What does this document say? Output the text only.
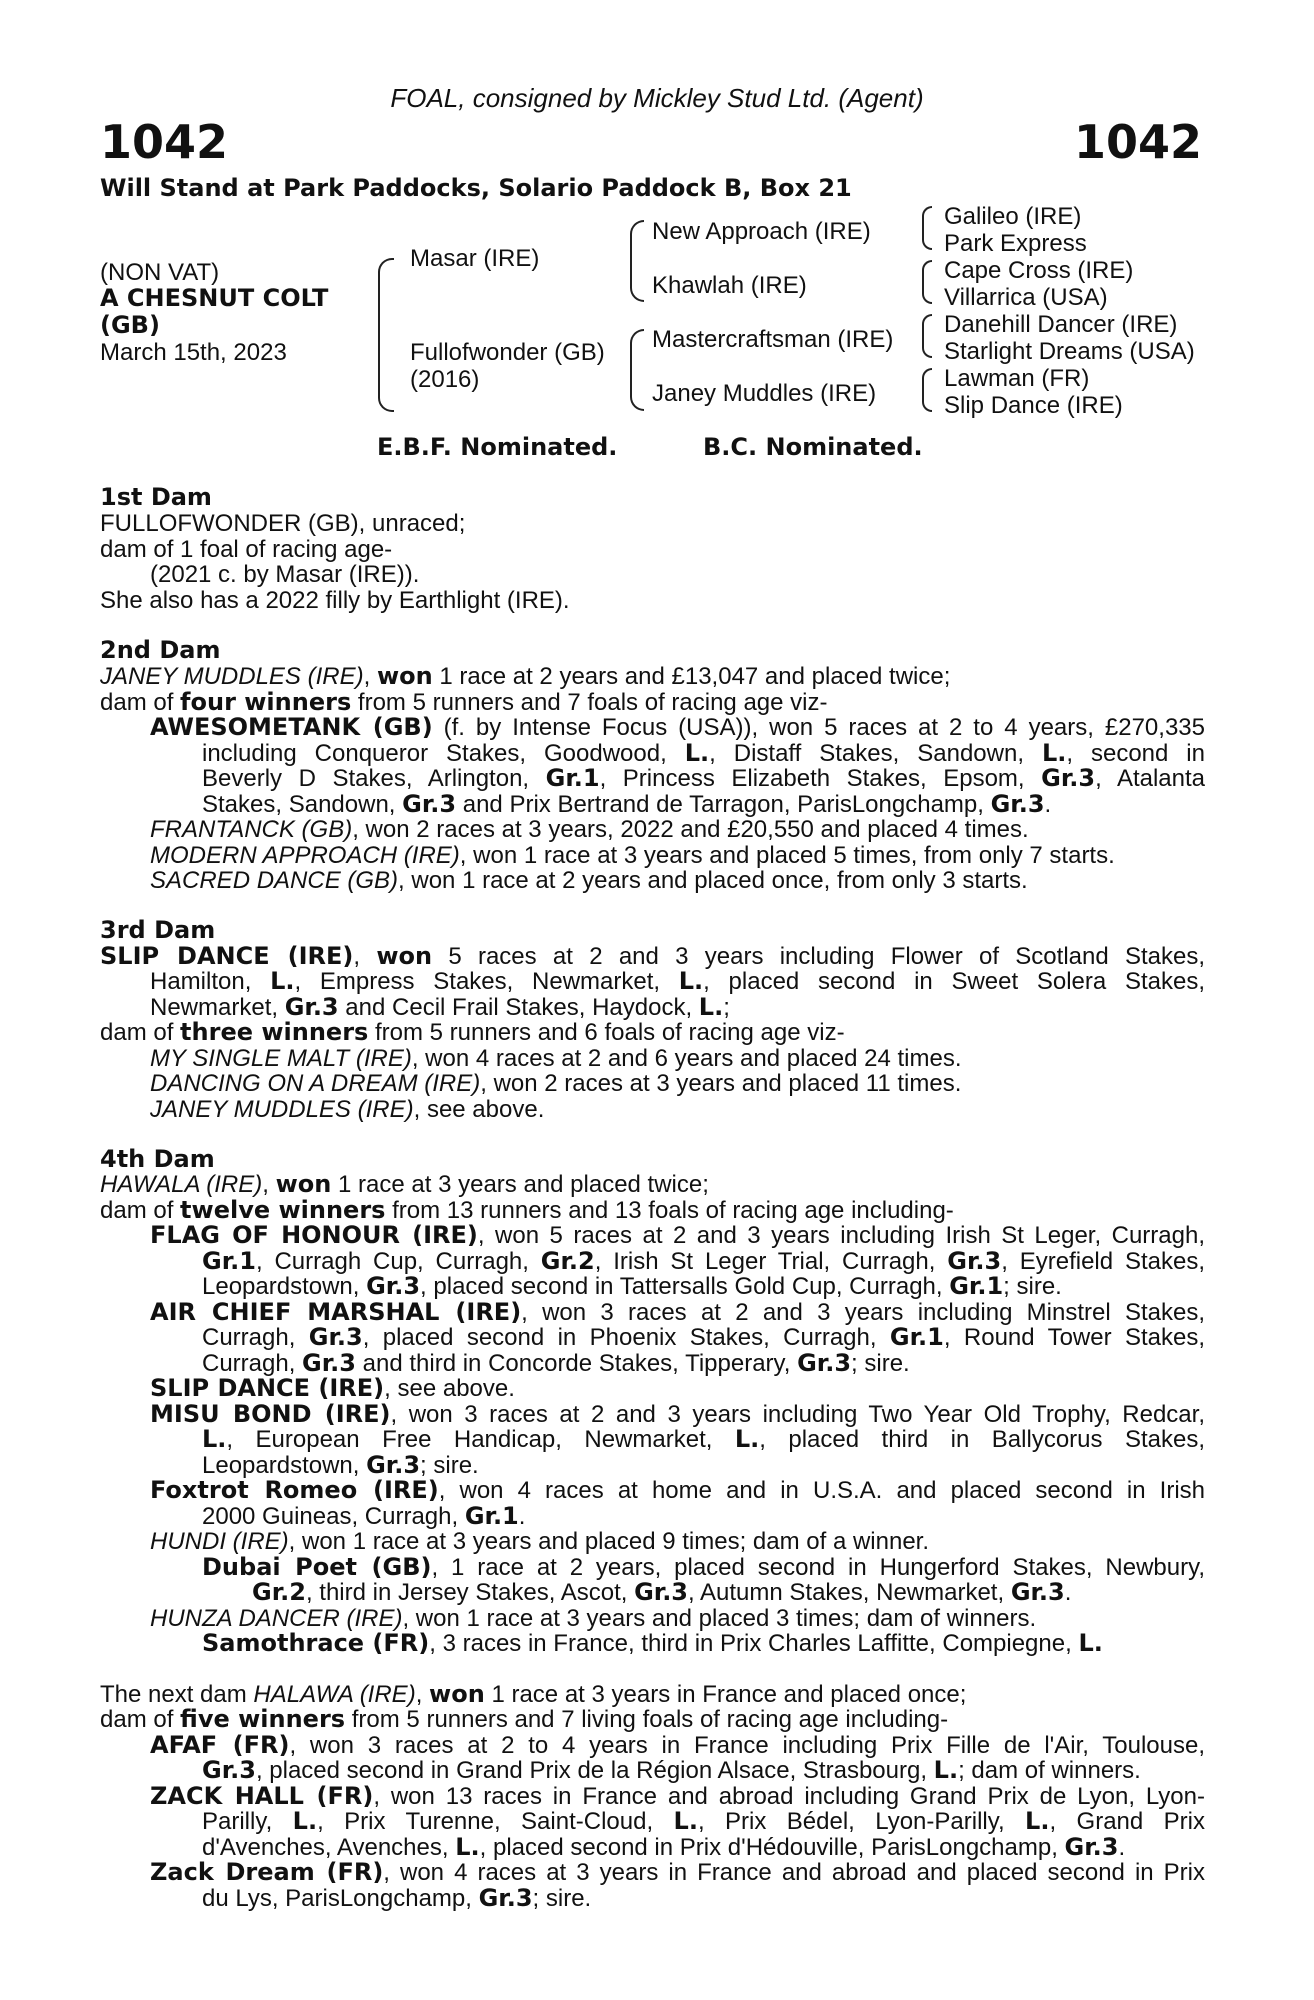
FOAL, consigned by Mickley Stud Ltd. (Agent)
1042	1042
Will Stand at Park Paddocks, Solario Paddock B, Box 21
(NON VAT)
A CHESNUT COLT
(GB)
March 15th, 2023
Masar (IRE)
Fullofwonder (GB)
(2016)
New Approach (IRE)
Khawlah (IRE)
Mastercraftsman (IRE)
Janey Muddles (IRE)
Galileo (IRE)
Park Express
Cape Cross (IRE)
Villarrica (USA)
Danehill Dancer (IRE)
Starlight Dreams (USA)
Lawman (FR)
Slip Dance (IRE)
E.B.F. Nominated.	B.C. Nominated.
1st Dam
FULLOFWONDER (GB), unraced;
dam of 1 foal of racing age-
(2021 c. by Masar (IRE)).
She also has a 2022 filly by Earthlight (IRE).
2nd Dam
JANEY MUDDLES (IRE), won 1 race at 2 years and £13,047 and placed twice;
dam of four winners from 5 runners and 7 foals of racing age viz-
AWESOMETANK (GB) (f. by Intense Focus (USA)), won 5 races at 2 to 4 years, £270,335
including Conqueror Stakes, Goodwood, L., Distaff Stakes, Sandown, L., second in
Beverly D Stakes, Arlington, Gr.1, Princess Elizabeth Stakes, Epsom, Gr.3, Atalanta
Stakes, Sandown, Gr.3 and Prix Bertrand de Tarragon, ParisLongchamp, Gr.3.
FRANTANCK (GB), won 2 races at 3 years, 2022 and £20,550 and placed 4 times.
MODERN APPROACH (IRE), won 1 race at 3 years and placed 5 times, from only 7 starts.
SACRED DANCE (GB), won 1 race at 2 years and placed once, from only 3 starts.
3rd Dam
SLIP DANCE (IRE), won 5 races at 2 and 3 years including Flower of Scotland Stakes,
Hamilton, L., Empress Stakes, Newmarket, L., placed second in Sweet Solera Stakes,
Newmarket, Gr.3 and Cecil Frail Stakes, Haydock, L.;
dam of three winners from 5 runners and 6 foals of racing age viz-
MY SINGLE MALT (IRE), won 4 races at 2 and 6 years and placed 24 times.
DANCING ON A DREAM (IRE), won 2 races at 3 years and placed 11 times.
JANEY MUDDLES (IRE), see above.
4th Dam
HAWALA (IRE), won 1 race at 3 years and placed twice;
dam of twelve winners from 13 runners and 13 foals of racing age including-
FLAG OF HONOUR (IRE), won 5 races at 2 and 3 years including Irish St Leger, Curragh,
Gr.1, Curragh Cup, Curragh, Gr.2, Irish St Leger Trial, Curragh, Gr.3, Eyrefield Stakes,
Leopardstown, Gr.3, placed second in Tattersalls Gold Cup, Curragh, Gr.1; sire.
AIR CHIEF MARSHAL (IRE), won 3 races at 2 and 3 years including Minstrel Stakes,
Curragh, Gr.3, placed second in Phoenix Stakes, Curragh, Gr.1, Round Tower Stakes,
Curragh, Gr.3 and third in Concorde Stakes, Tipperary, Gr.3; sire.
SLIP DANCE (IRE), see above.
MISU BOND (IRE), won 3 races at 2 and 3 years including Two Year Old Trophy, Redcar,
L., European Free Handicap, Newmarket, L., placed third in Ballycorus Stakes,
Leopardstown, Gr.3; sire.
Foxtrot Romeo (IRE), won 4 races at home and in U.S.A. and placed second in Irish
2000 Guineas, Curragh, Gr.1.
HUNDI (IRE), won 1 race at 3 years and placed 9 times; dam of a winner.
Dubai Poet (GB), 1 race at 2 years, placed second in Hungerford Stakes, Newbury,
Gr.2, third in Jersey Stakes, Ascot, Gr.3, Autumn Stakes, Newmarket, Gr.3.
HUNZA DANCER (IRE), won 1 race at 3 years and placed 3 times; dam of winners.
Samothrace (FR), 3 races in France, third in Prix Charles Laffitte, Compiegne, L.
The next dam HALAWA (IRE), won 1 race at 3 years in France and placed once;
dam of five winners from 5 runners and 7 living foals of racing age including-
AFAF (FR), won 3 races at 2 to 4 years in France including Prix Fille de l'Air, Toulouse,
Gr.3, placed second in Grand Prix de la Région Alsace, Strasbourg, L.; dam of winners.
ZACK HALL (FR), won 13 races in France and abroad including Grand Prix de Lyon, Lyon-
Parilly, L., Prix Turenne, Saint-Cloud, L., Prix Bédel, Lyon-Parilly, L., Grand Prix
d'Avenches, Avenches, L., placed second in Prix d'Hédouville, ParisLongchamp, Gr.3.
Zack Dream (FR), won 4 races at 3 years in France and abroad and placed second in Prix
du Lys, ParisLongchamp, Gr.3; sire.
